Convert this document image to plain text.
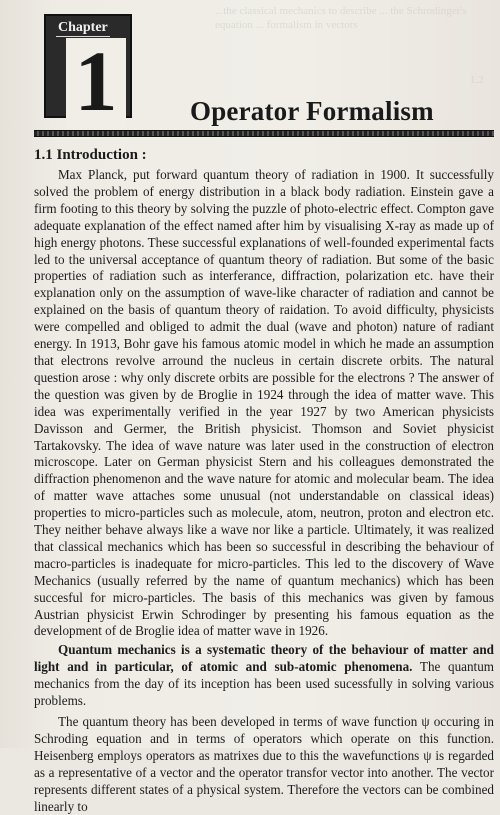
...the classical mechanics to describe ... the Schrodinger's equation ... formalism in vectors
1.2
Chapter
1	Operator Formalism
1.1 Introduction :

Max Planck, put forward quantum theory of radiation in 1900. It successfully solved the problem of energy distribution in a black body radiation. Einstein gave a firm footing to this theory by solving the puzzle of photo-electric effect. Compton gave adequate explanation of the effect named after him by visualising X-ray as made up of high energy photons. These successful explanations of well-founded experimental facts led to the universal acceptance of quantum theory of radiation. But some of the basic properties of radiation such as interferance, diffraction, polarization etc. have their explanation only on the assumption of wave-like character of radiation and cannot be explained on the basis of quantum theory of raidation. To avoid difficulty, physicists were compelled and obliged to admit the dual (wave and photon) nature of radiant energy. In 1913, Bohr gave his famous atomic model in which he made an assumption that electrons revolve arround the nucleus in certain discrete orbits. The natural question arose : why only discrete orbits are possible for the electrons ? The answer of the question was given by de Broglie in 1924 through the idea of matter wave. This idea was experimentally verified in the year 1927 by two American physicists Davisson and Germer, the British physicist. Thomson and Soviet physicist Tartakovsky. The idea of wave nature was later used in the construction of electron microscope. Later on German physicist Stern and his colleagues demonstrated the diffraction phenomenon and the wave nature for atomic and molecular beam. The idea of matter wave attaches some unusual (not understandable on classical ideas) properties to micro-particles such as molecule, atom, neutron, proton and electron etc. They neither behave always like a wave nor like a particle. Ultimately, it was realized that classical mechanics which has been so successful in describing the behaviour of macro-particles is inadequate for micro-particles. This led to the discovery of Wave Mechanics (usually referred by the name of quantum mechanics) which has been succesful for micro-particles. The basis of this mechanics was given by famous Austrian physicist Erwin Schrodinger by presenting his famous equation as the development of de Broglie idea of matter wave in 1926.

Quantum mechanics is a systematic theory of the behaviour of matter and light and in particular, of atomic and sub-atomic phenomena. The quantum mechanics from the day of its inception has been used sucessfully in solving various problems.

The quantum theory has been developed in terms of wave function ψ occuring in Schroding equation and in terms of operators which operate on this function. Heisenberg employs operators as matrixes due to this the wavefunctions ψ is regarded as a representative of a vector and the operator transfor vector into another. The vector represents different states of a physical system. Therefore the vectors can be combined linearly to
